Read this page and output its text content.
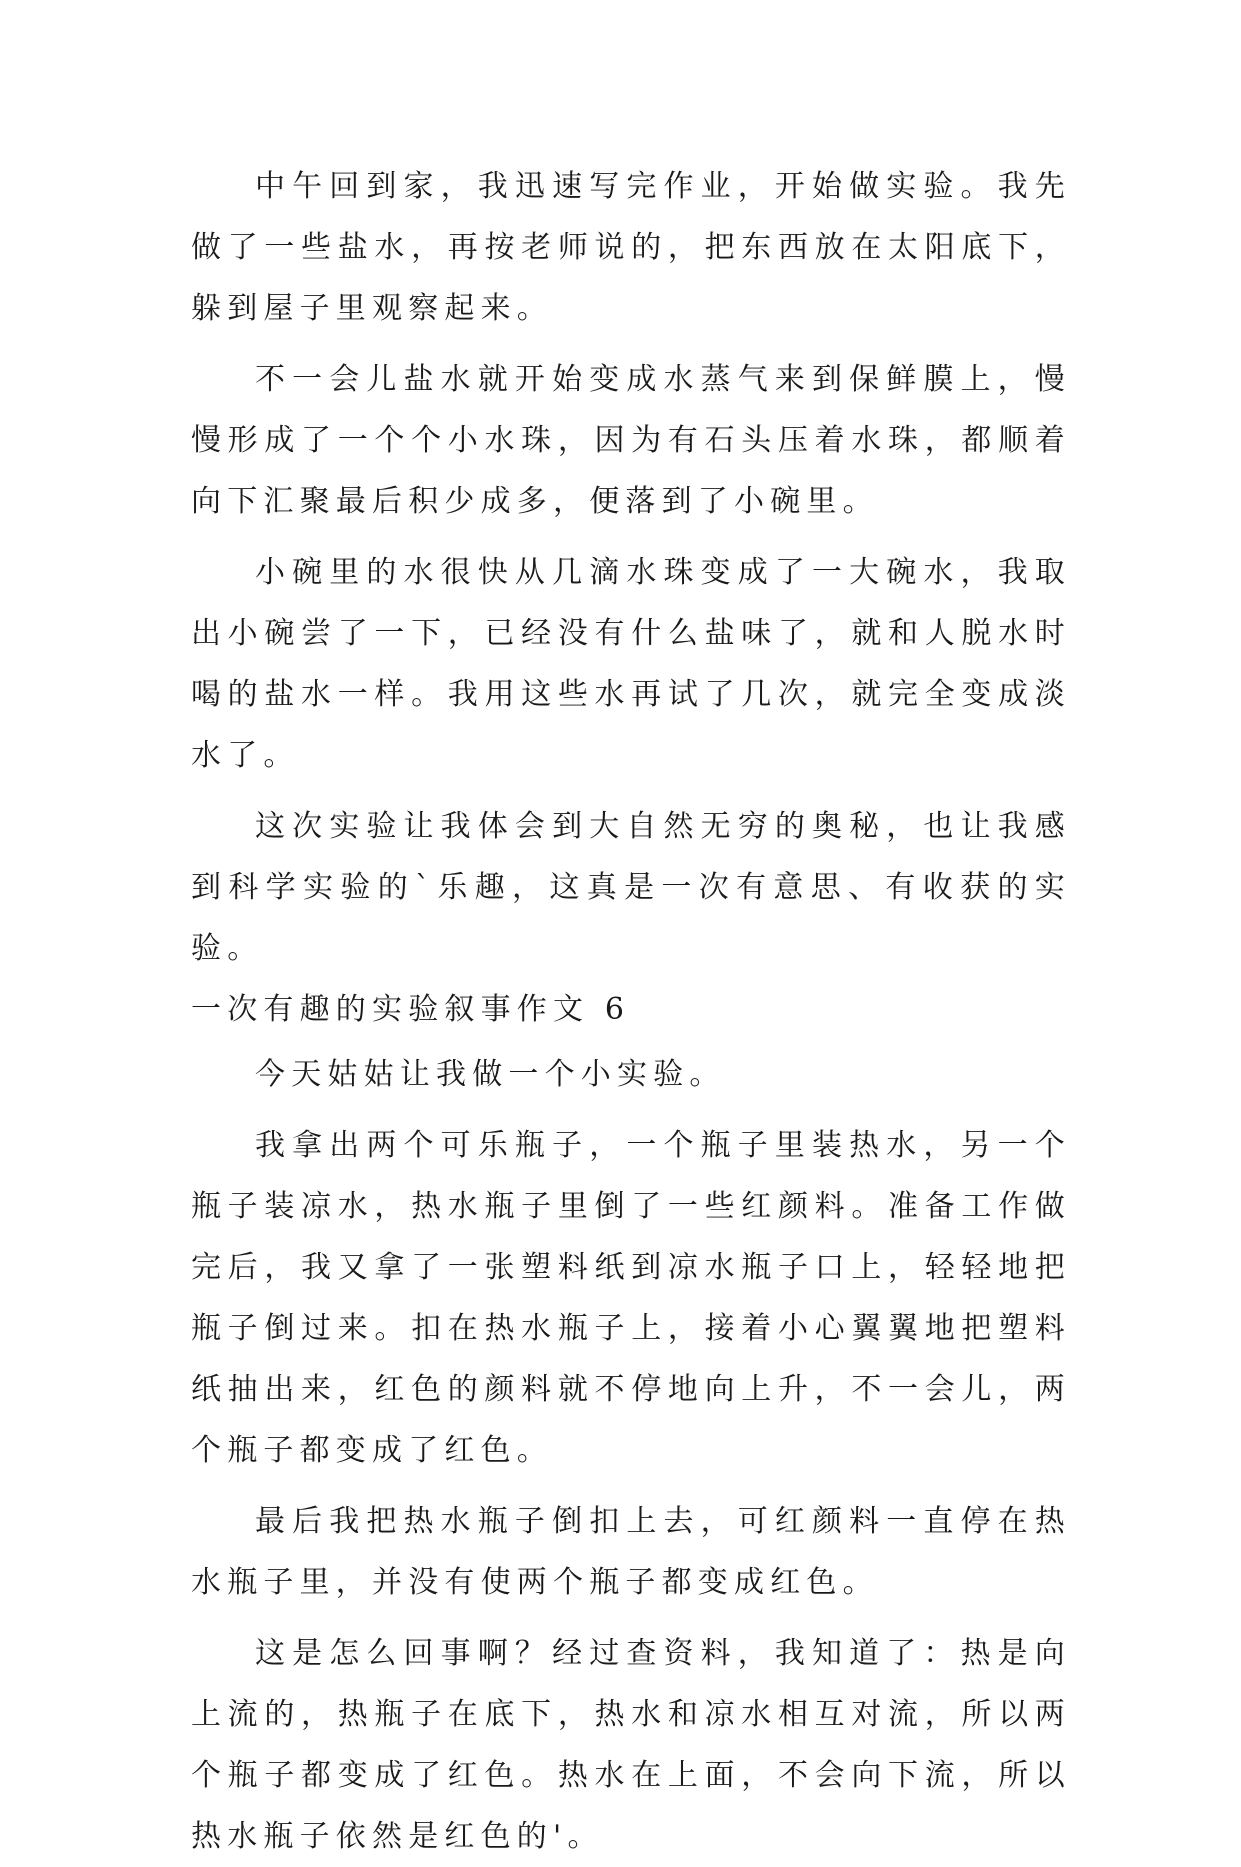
中午回到家，我迅速写完作业，开始做实验。我先做了一些盐水，再按老师说的，把东西放在太阳底下，躲到屋子里观察起来。

不一会儿盐水就开始变成水蒸气来到保鲜膜上，慢慢形成了一个个小水珠，因为有石头压着水珠，都顺着向下汇聚最后积少成多，便落到了小碗里。

小碗里的水很快从几滴水珠变成了一大碗水，我取出小碗尝了一下，已经没有什么盐味了，就和人脱水时喝的盐水一样。我用这些水再试了几次，就完全变成淡水了。

这次实验让我体会到大自然无穷的奥秘，也让我感到科学实验的`乐趣，这真是一次有意思、有收获的实验。

一次有趣的实验叙事作文 6

今天姑姑让我做一个小实验。

我拿出两个可乐瓶子，一个瓶子里装热水，另一个瓶子装凉水，热水瓶子里倒了一些红颜料。准备工作做完后，我又拿了一张塑料纸到凉水瓶子口上，轻轻地把瓶子倒过来。扣在热水瓶子上，接着小心翼翼地把塑料纸抽出来，红色的颜料就不停地向上升，不一会儿，两个瓶子都变成了红色。

最后我把热水瓶子倒扣上去，可红颜料一直停在热水瓶子里，并没有使两个瓶子都变成红色。

这是怎么回事啊？经过查资料，我知道了：热是向上流的，热瓶子在底下，热水和凉水相互对流，所以两个瓶子都变成了红色。热水在上面，不会向下流，所以热水瓶子依然是红色的'。
